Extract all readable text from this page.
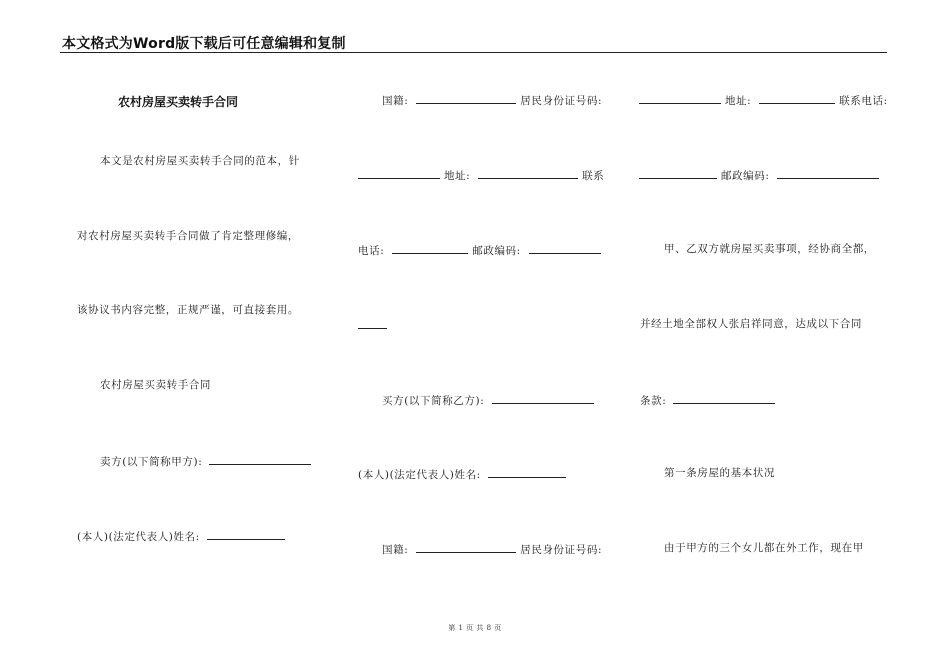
本文格式为Word版下载后可任意编辑和复制
农村房屋买卖转手合同
本文是农村房屋买卖转手合同的范本，针
对农村房屋买卖转手合同做了肯定整理修编，
该协议书内容完整，正规严谨，可直接套用。
农村房屋买卖转手合同
卖方(以下简称甲方):
(本人)(法定代表人)姓名:
国籍:	居民身份证号码:
地址:	联系
电话:	邮政编码:
买方(以下简称乙方):
(本人)(法定代表人)姓名:
国籍:	居民身份证号码:
地址:	联系电话:
邮政编码:
甲、乙双方就房屋买卖事项，经协商全都，
并经土地全部权人张启祥同意，达成以下合同
条款:
第一条房屋的基本状况
由于甲方的三个女儿都在外工作，现在甲
第 1 页 共 8 页
